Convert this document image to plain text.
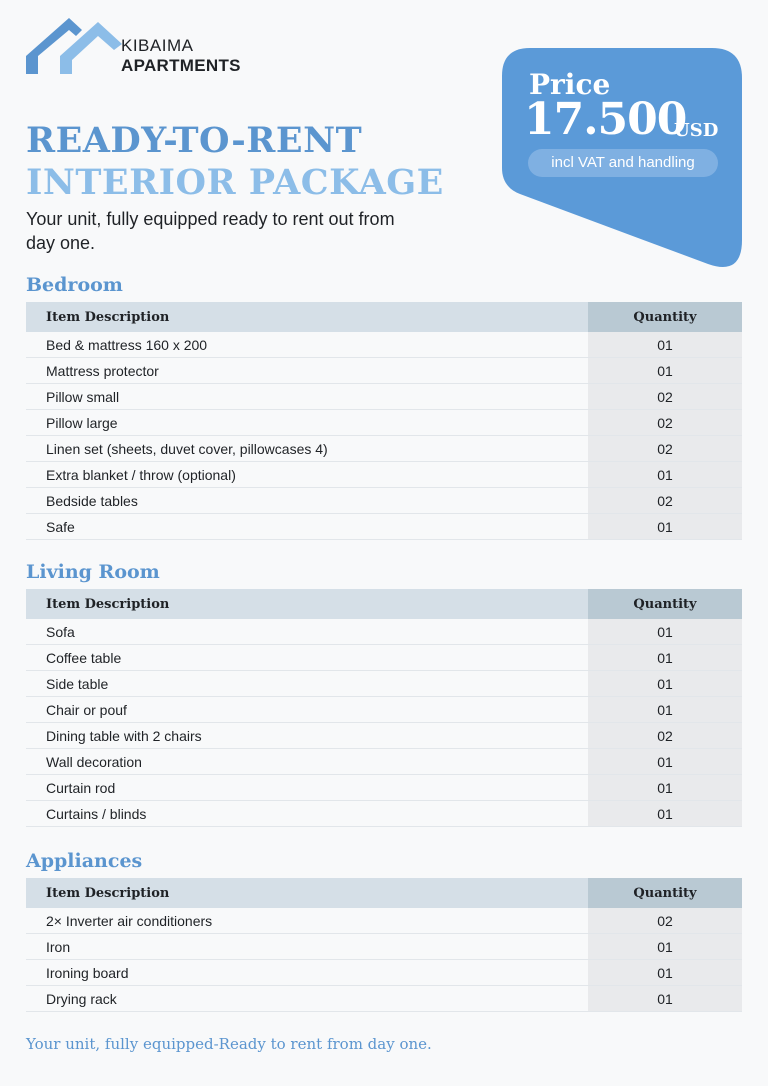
KIBAIMA
APARTMENTS
Price
17.500
USD
incl VAT and handling
READY-TO-RENT
INTERIOR PACKAGE
Your unit, fully equipped ready to rent out from day one.
Bedroom
Item Description	Quantity
Bed & mattress 160 x 200	01
Mattress protector	01
Pillow small	02
Pillow large	02
Linen set (sheets, duvet cover, pillowcases 4)	02
Extra blanket / throw (optional)	01
Bedside tables	02
Safe	01
Living Room
Item Description	Quantity
Sofa	01
Coffee table	01
Side table	01
Chair or pouf	01
Dining table with 2 chairs	02
Wall decoration	01
Curtain rod	01
Curtains / blinds	01
Appliances
Item Description	Quantity
2× Inverter air conditioners	02
Iron	01
Ironing board	01
Drying rack	01
Your unit, fully equipped-Ready to rent from day one.
